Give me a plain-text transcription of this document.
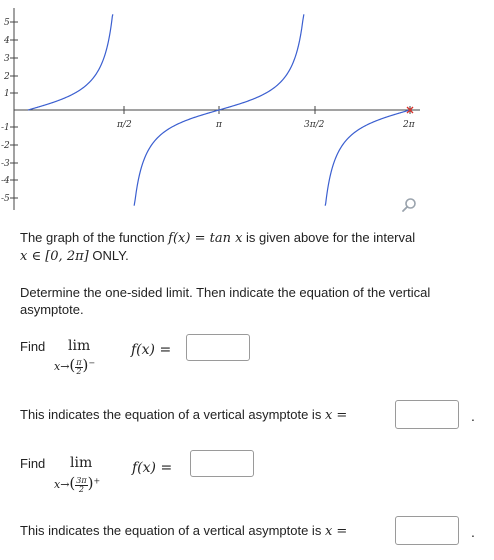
5
4
3
2
1
-1
-2
-3
-4
-5
π/2	π	3π/2	2π
The graph of the function f(x) = tan x is given above for the interval
x ∈ [0, 2π] ONLY.
Determine the one-sided limit. Then indicate the equation of the vertical
asymptote.
Find lim
$x\to( \frac{\pi}{2} )^-$
f(x) =
This indicates the equation of a vertical asymptote is x =	.
Find lim
$x\to( \frac{3\pi}{2} )^+$
f(x) =
This indicates the equation of a vertical asymptote is x =	.
